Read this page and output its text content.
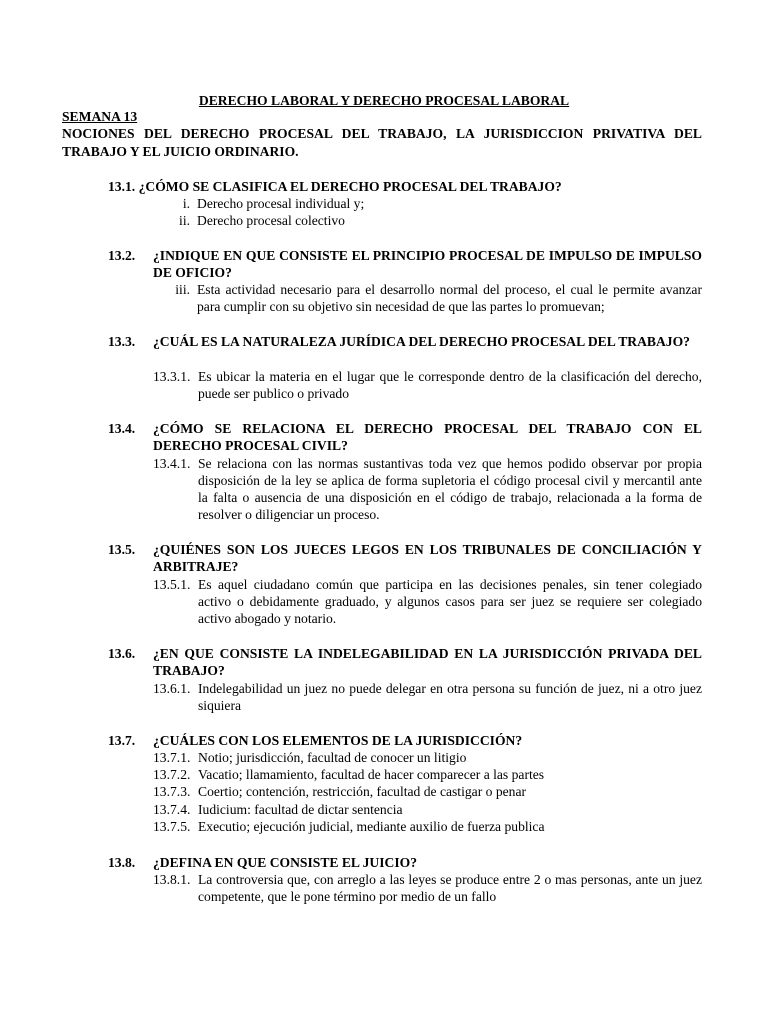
DERECHO LABORAL Y DERECHO PROCESAL LABORAL
SEMANA 13
NOCIONES DEL DERECHO PROCESAL DEL TRABAJO, LA JURISDICCION PRIVATIVA DEL TRABAJO Y EL JUICIO ORDINARIO.
13.1. ¿CÓMO SE CLASIFICA EL DERECHO PROCESAL DEL TRABAJO?
i. Derecho procesal individual y;
ii. Derecho procesal colectivo
13.2.	¿INDIQUE EN QUE CONSISTE EL PRINCIPIO PROCESAL DE IMPULSO DE IMPULSO DE OFICIO?
iii. Esta actividad necesario para el desarrollo normal del proceso, el cual le permite avanzar para cumplir con su objetivo sin necesidad de que las partes lo promuevan;
13.3.	¿CUÁL ES LA NATURALEZA JURÍDICA DEL DERECHO PROCESAL DEL TRABAJO?
13.3.1. Es ubicar la materia en el lugar que le corresponde dentro de la clasificación del derecho, puede ser publico o privado
13.4.	¿CÓMO SE RELACIONA EL DERECHO PROCESAL DEL TRABAJO CON EL DERECHO PROCESAL CIVIL?
13.4.1. Se relaciona con las normas sustantivas toda vez que hemos podido observar por propia disposición de la ley se aplica de forma supletoria el código procesal civil y mercantil ante la falta o ausencia de una disposición en el código de trabajo, relacionada a la forma de resolver o diligenciar un proceso.
13.5.	¿QUIÉNES SON LOS JUECES LEGOS EN LOS TRIBUNALES DE CONCILIACIÓN Y ARBITRAJE?
13.5.1. Es aquel ciudadano común que participa en las decisiones penales, sin tener colegiado activo o debidamente graduado, y algunos casos para ser juez se requiere ser colegiado activo abogado y notario.
13.6.	¿EN QUE CONSISTE LA INDELEGABILIDAD EN LA JURISDICCIÓN PRIVADA DEL TRABAJO?
13.6.1. Indelegabilidad un juez no puede delegar en otra persona su función de juez, ni a otro juez siquiera
13.7.	¿CUÁLES CON LOS ELEMENTOS DE LA JURISDICCIÓN?
13.7.1. Notio; jurisdicción, facultad de conocer un litigio
13.7.2. Vacatio; llamamiento, facultad de hacer comparecer a las partes
13.7.3. Coertio; contención, restricción, facultad de castigar o penar
13.7.4. Iudicium: facultad de dictar sentencia
13.7.5. Executio; ejecución judicial, mediante auxilio de fuerza publica
13.8.	¿DEFINA EN QUE CONSISTE EL JUICIO?
13.8.1. La controversia que, con arreglo a las leyes se produce entre 2 o mas personas, ante un juez competente, que le pone término por medio de un fallo
